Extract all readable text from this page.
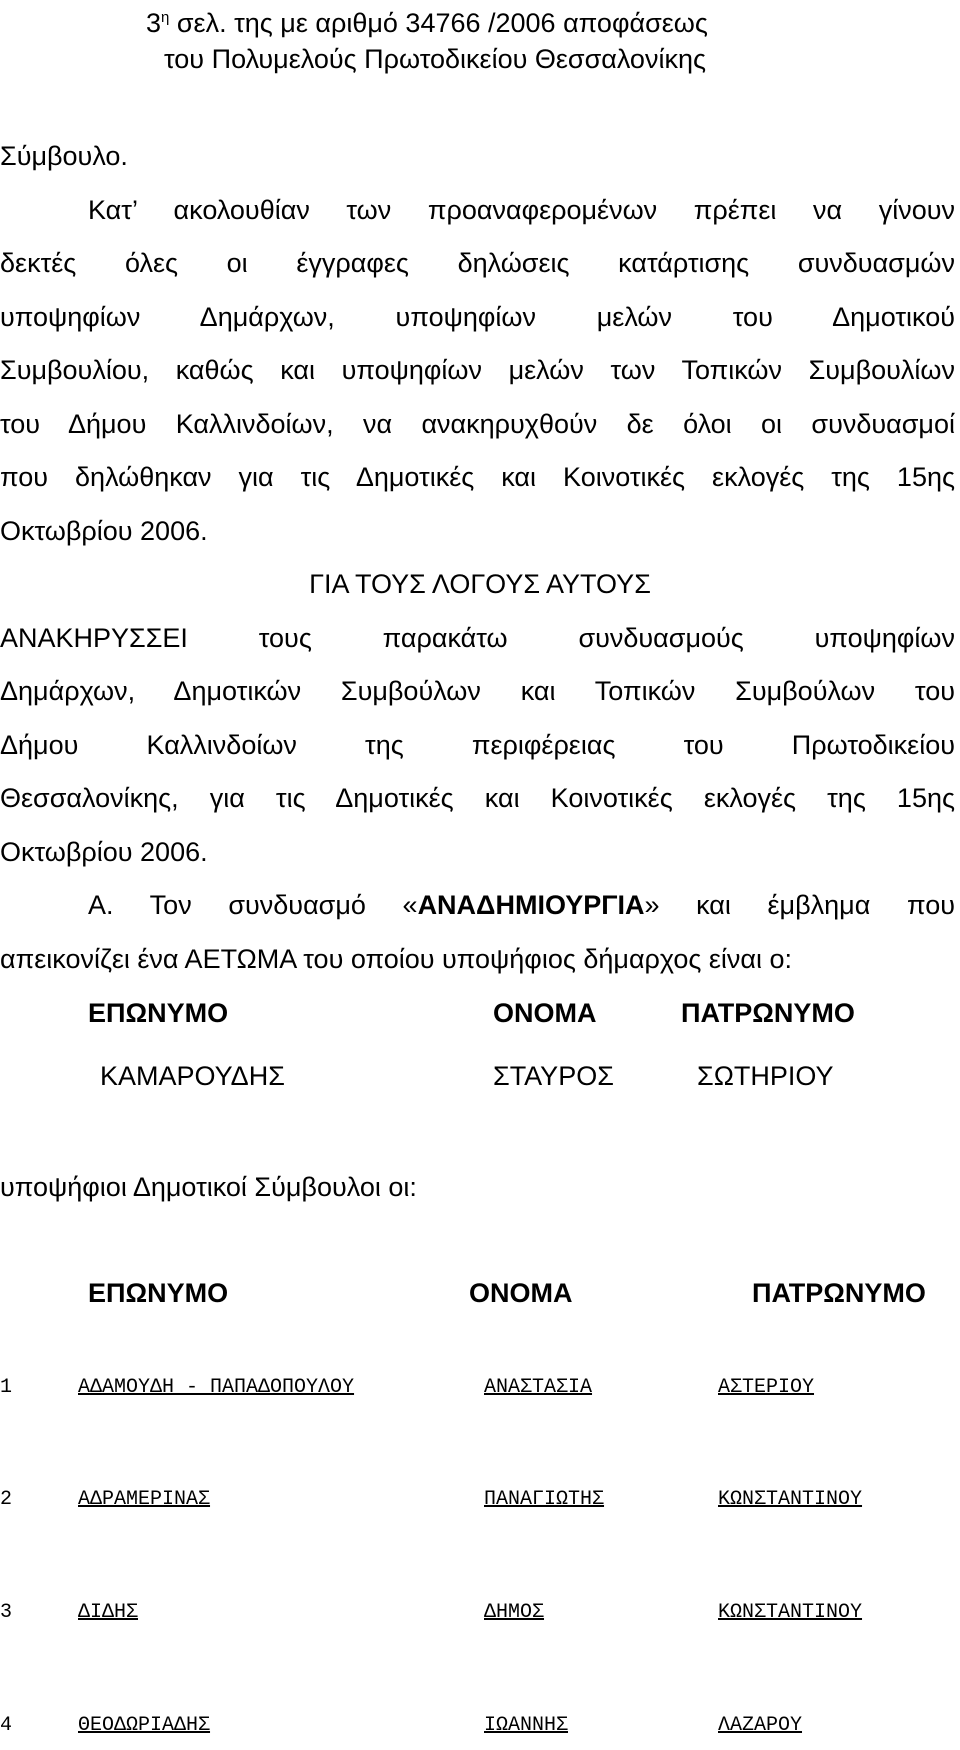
$3^\eta$ σελ. της με αριθμό 34766 /2006 αποφάσεως
του Πολυμελούς Πρωτοδικείου Θεσσαλονίκης
Σύμβουλο.
Κατ’ ακολουθίαν των προαναφερομένων πρέπει να γίνουν
δεκτές όλες οι έγγραφες δηλώσεις κατάρτισης συνδυασμών
υποψηφίων Δημάρχων, υποψηφίων μελών του Δημοτικού
Συμβουλίου, καθώς και υποψηφίων μελών των Τοπικών Συμβουλίων
του Δήμου Καλλινδοίων, να ανακηρυχθούν δε όλοι οι συνδυασμοί
που δηλώθηκαν για τις Δημοτικές και Κοινοτικές εκλογές της 15ης
Οκτωβρίου 2006.
ΓΙΑ ΤΟΥΣ ΛΟΓΟΥΣ ΑΥΤΟΥΣ
ΑΝΑΚΗΡΥΣΣΕΙ τους παρακάτω συνδυασμούς υποψηφίων
Δημάρχων, Δημοτικών Συμβούλων και Τοπικών Συμβούλων του
Δήμου Καλλινδοίων της περιφέρειας του Πρωτοδικείου
Θεσσαλονίκης, για τις Δημοτικές και Κοινοτικές εκλογές της 15ης
Οκτωβρίου 2006.
Α. Τον συνδυασμό «ΑΝΑΔΗΜΙΟΥΡΓΙΑ» και έμβλημα που
απεικονίζει ένα ΑΕΤΩΜΑ του οποίου υποψήφιος δήμαρχος είναι ο:
ΕΠΩΝΥΜΟ	ΟΝΟΜΑ	ΠΑΤΡΩΝΥΜΟ
ΚΑΜΑΡΟΥΔΗΣ	ΣΤΑΥΡΟΣ	ΣΩΤΗΡΙΟΥ
υποψήφιοι Δημοτικοί Σύμβουλοι οι:
ΕΠΩΝΥΜΟ	ΟΝΟΜΑ	ΠΑΤΡΩΝΥΜΟ
1	ΑΔΑΜΟΥΔΗ - ΠΑΠΑΔΟΠΟΥΛΟΥ	ΑΝΑΣΤΑΣΙΑ	ΑΣΤΕΡΙΟΥ
2	ΑΔΡΑΜΕΡΙΝΑΣ	ΠΑΝΑΓΙΩΤΗΣ	ΚΩΝΣΤΑΝΤΙΝΟΥ
3	ΔΙΔΗΣ	ΔΗΜΟΣ	ΚΩΝΣΤΑΝΤΙΝΟΥ
4	ΘΕΟΔΩΡΙΑΔΗΣ	ΙΩΑΝΝΗΣ	ΛΑΖΑΡΟΥ
